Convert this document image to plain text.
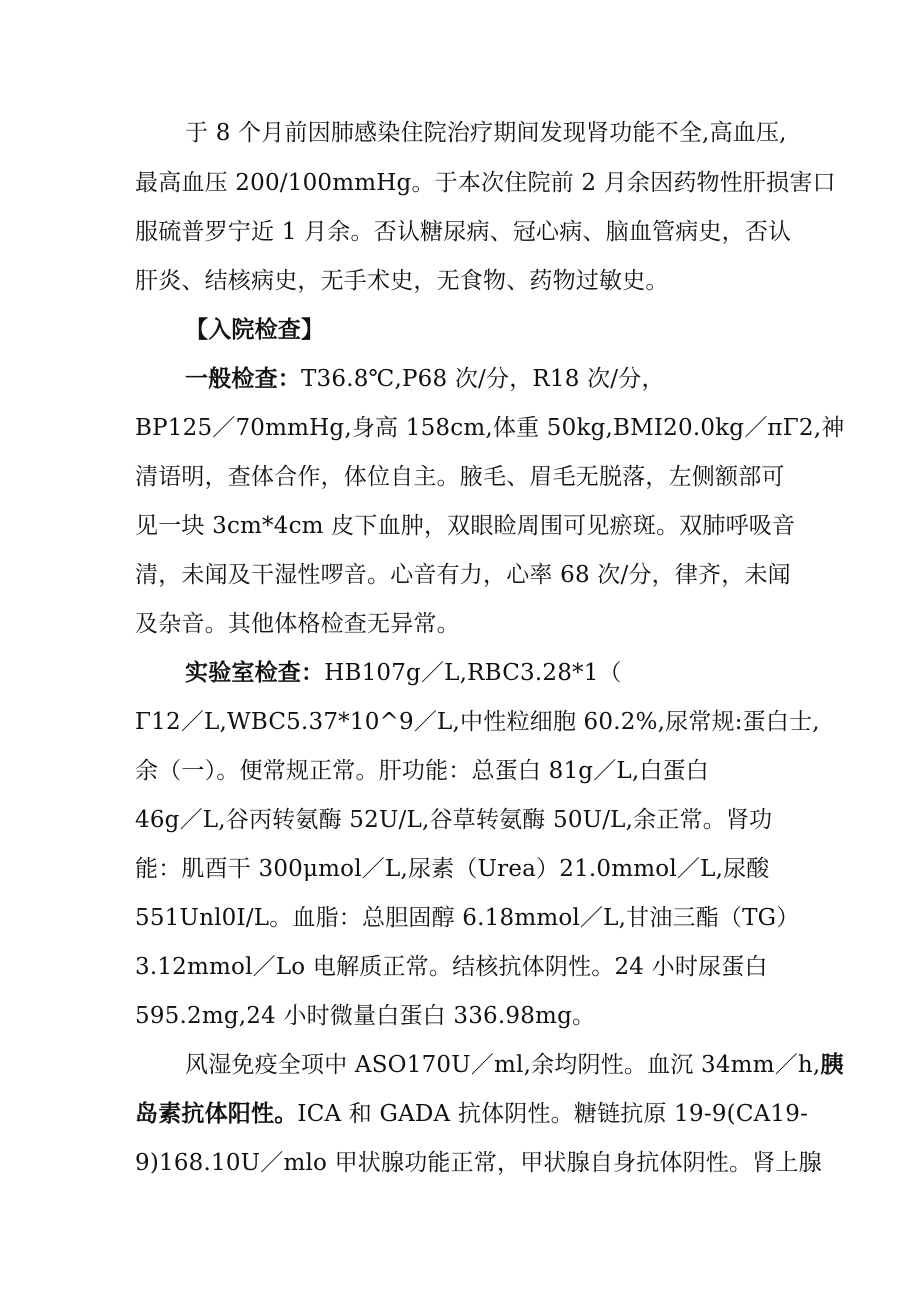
于 8 个月前因肺感染住院治疗期间发现肾功能不全,高血压,
最高血压 200/100mmHg。于本次住院前 2 月余因药物性肝损害口
服硫普罗宁近 1 月余。否认糖尿病、冠心病、脑血管病史，否认
肝炎、结核病史，无手术史，无食物、药物过敏史。
【入院检查】
一般检查：T36.8℃,P68 次/分，R18 次/分，
BP125／70mmHg,身高 158cm,体重 50kg,BMI20.0kg／πΓ2,神
清语明，查体合作，体位自主。腋毛、眉毛无脱落，左侧额部可
见一块 3cm*4cm 皮下血肿，双眼睑周围可见瘀斑。双肺呼吸音
清，未闻及干湿性啰音。心音有力，心率 68 次/分，律齐，未闻
及杂音。其他体格检查无异常。
实验室检查：HB107g／L,RBC3.28*1（
Γ12／L,WBC5.37*10^9／L,中性粒细胞 60.2%,尿常规:蛋白士,
余（一）。便常规正常。肝功能：总蛋白 81g／L,白蛋白
46g／L,谷丙转氨酶 52U/L,谷草转氨酶 50U/L,余正常。肾功
能：肌酉干 300μmol／L,尿素（Urea）21.0mmol／L,尿酸
551Unl0I/L。血脂：总胆固醇 6.18mmol／L,甘油三酯（TG）
3.12mmol／Lo 电解质正常。结核抗体阴性。24 小时尿蛋白
595.2mg,24 小时微量白蛋白 336.98mg。
风湿免疫全项中 ASO170U／ml,余均阴性。血沉 34mm／h,胰
岛素抗体阳性。ICA 和 GADA 抗体阴性。糖链抗原 19-9(CA19-
9)168.10U／mlo 甲状腺功能正常，甲状腺自身抗体阴性。肾上腺
